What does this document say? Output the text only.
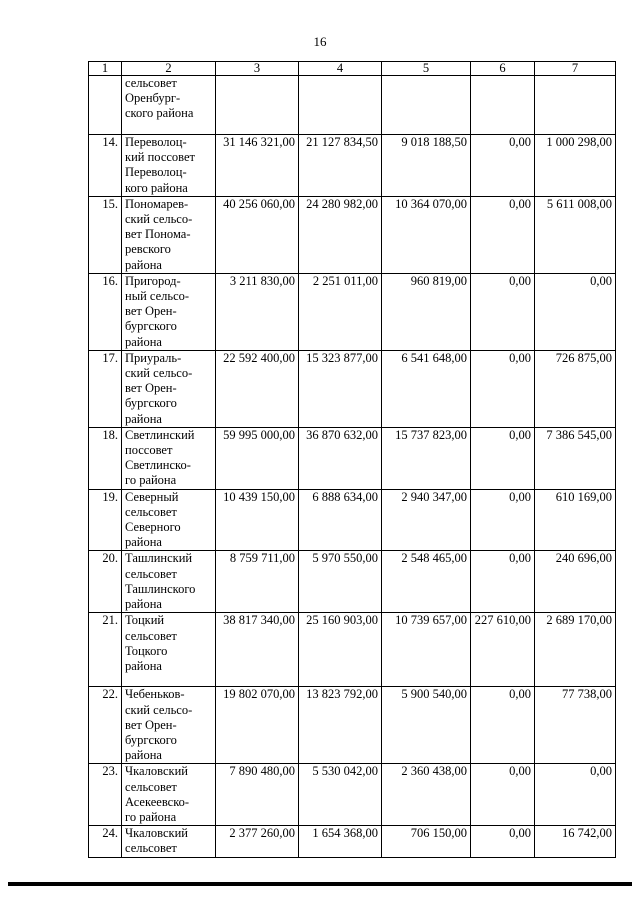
16
1	2	3	4	5	6	7

	сельсовет
Оренбург-
ского района					

14.	Переволоц-
кий поссовет
Переволоц-
кого района	31 146 321,00	21 127 834,50	9 018 188,50	0,00	1 000 298,00
15.	Пономарев-
ский сельсо-
вет Понома-
ревского
района	40 256 060,00	24 280 982,00	10 364 070,00	0,00	5 611 008,00
16.	Пригород-
ный сельсо-
вет Орен-
бургского
района	3 211 830,00	2 251 011,00	960 819,00	0,00	0,00
17.	Приураль-
ский сельсо-
вет Орен-
бургского
района	22 592 400,00	15 323 877,00	6 541 648,00	0,00	726 875,00
18.	Светлинский
поссовет
Светлинско-
го района	59 995 000,00	36 870 632,00	15 737 823,00	0,00	7 386 545,00
19.	Северный
сельсовет
Северного
района	10 439 150,00	6 888 634,00	2 940 347,00	0,00	610 169,00
20.	Ташлинский
сельсовет
Ташлинского
района	8 759 711,00	5 970 550,00	2 548 465,00	0,00	240 696,00
21.	Тоцкий
сельсовет
Тоцкого
района	38 817 340,00	25 160 903,00	10 739 657,00	227 610,00	2 689 170,00
22.	Чебеньков-
ский сельсо-
вет Орен-
бургского
района	19 802 070,00	13 823 792,00	5 900 540,00	0,00	77 738,00
23.	Чкаловский
сельсовет
Асекеевско-
го района	7 890 480,00	5 530 042,00	2 360 438,00	0,00	0,00
24.	Чкаловский
сельсовет	2 377 260,00	1 654 368,00	706 150,00	0,00	16 742,00
